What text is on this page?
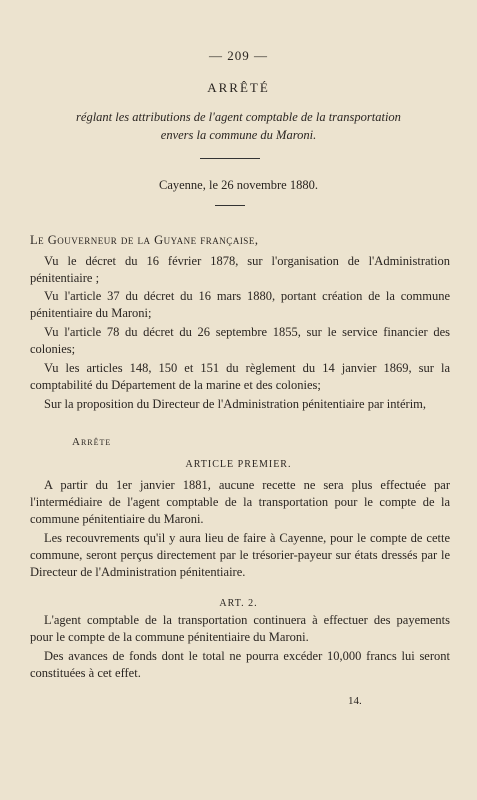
— 209 —
ARRÊTÉ
réglant les attributions de l'agent comptable de la transportation
envers la commune du Maroni.
Cayenne, le 26 novembre 1880.
Le Gouverneur de la Guyane française,
Vu le décret du 16 février 1878, sur l'organisation de l'Administration pénitentiaire ;
Vu l'article 37 du décret du 16 mars 1880, portant création de la commune pénitentiaire du Maroni;
Vu l'article 78 du décret du 26 septembre 1855, sur le service financier des colonies;
Vu les articles 148, 150 et 151 du règlement du 14 janvier 1869, sur la comptabilité du Département de la marine et des colonies;
Sur la proposition du Directeur de l'Administration pénitentiaire par intérim,
Arrête
ARTICLE PREMIER.
A partir du 1er janvier 1881, aucune recette ne sera plus effectuée par l'intermédiaire de l'agent comptable de la transportation pour le compte de la commune pénitentiaire du Maroni.
Les recouvrements qu'il y aura lieu de faire à Cayenne, pour le compte de cette commune, seront perçus directement par le trésorier-payeur sur états dressés par le Directeur de l'Administration pénitentiaire.
ART. 2.
L'agent comptable de la transportation continuera à effectuer des payements pour le compte de la commune pénitentiaire du Maroni.
Des avances de fonds dont le total ne pourra excéder 10,000 francs lui seront constituées à cet effet.
14.
